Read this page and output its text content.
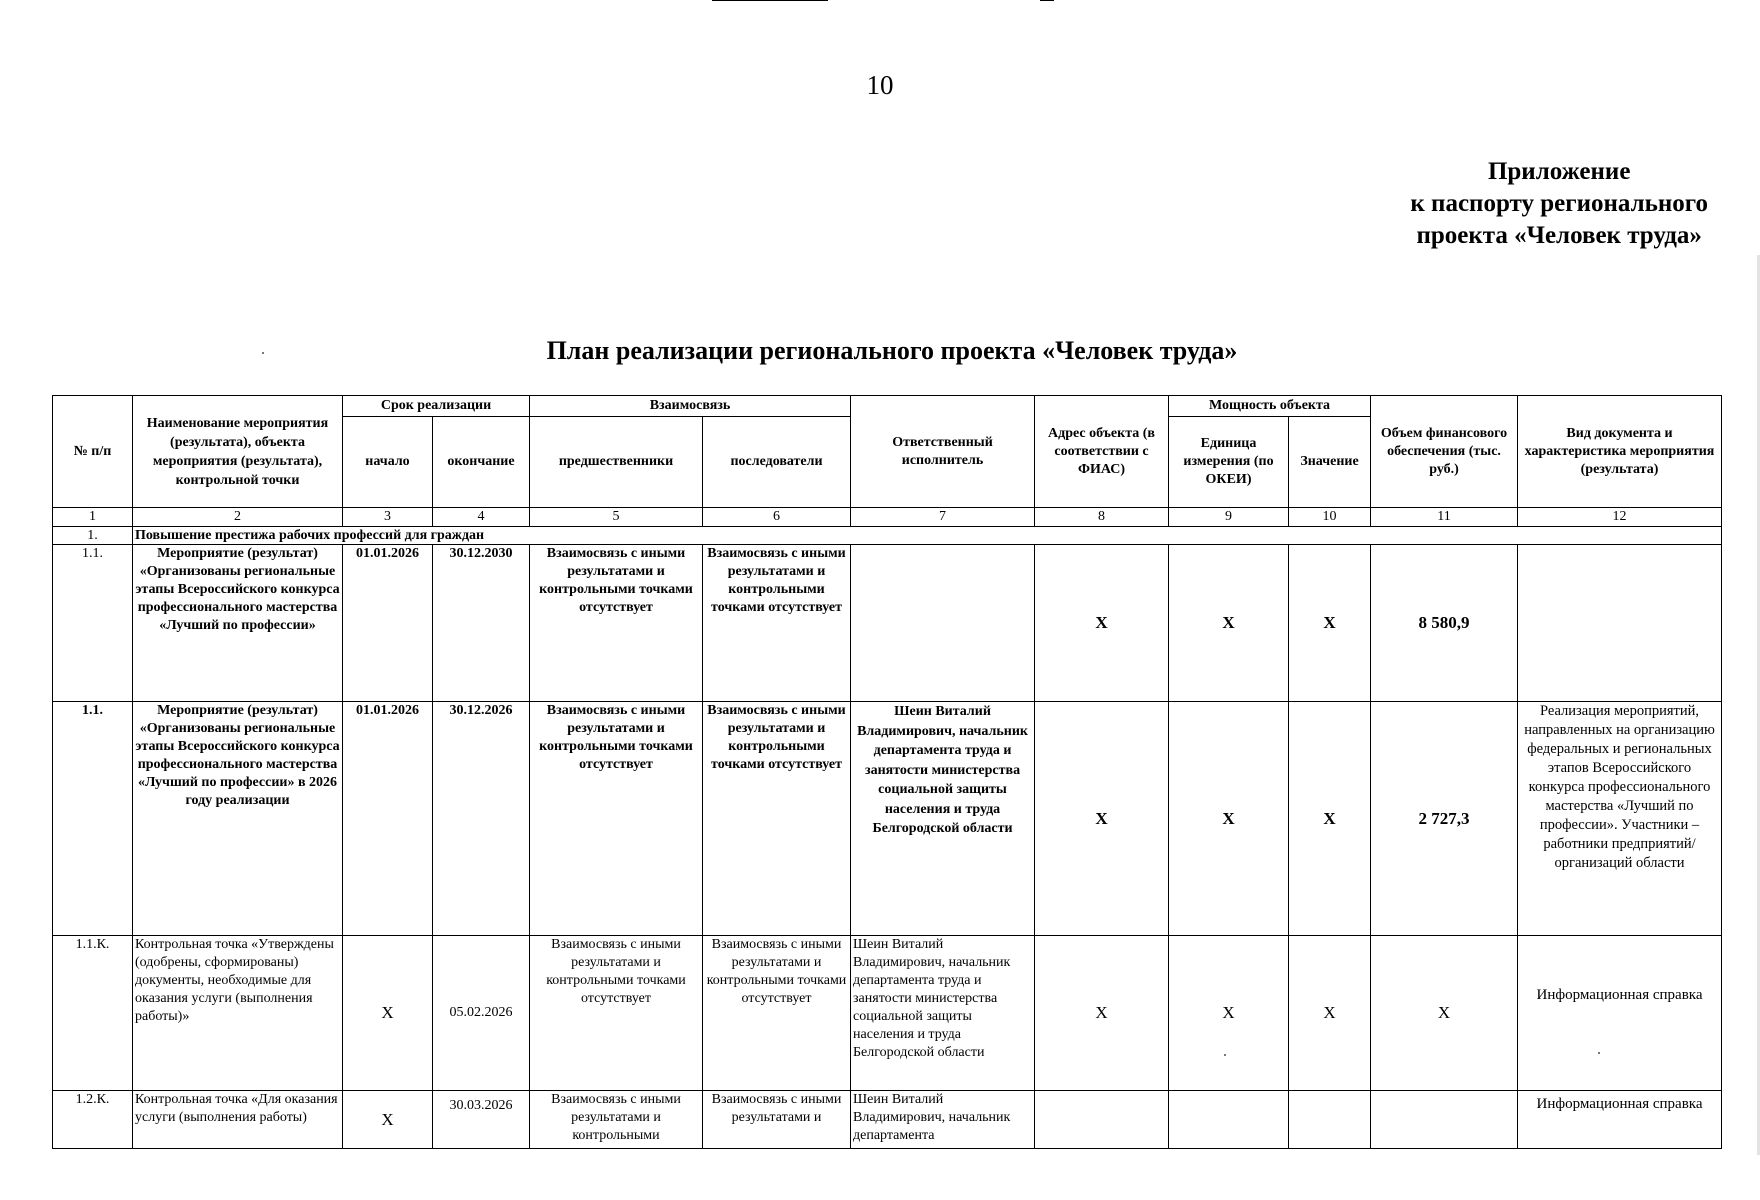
10
Приложение
к паспорту регионального
проекта «Человек труда»
План реализации регионального проекта «Человек труда»
№ п/п	Наименование мероприятия (результата), объекта мероприятия (результата), контрольной точки	Срок реализации		Взаимосвязь		Ответственный исполнитель	Адрес объекта (в соответствии с ФИАС)	Мощность объекта		Объем финансового обеспечения (тыс. руб.)	Вид документа и характеристика мероприятия (результата)
		начало	окончание	предшественники	последователи			Единица измерения (по ОКЕИ)	Значение		
1	2	3	4	5	6	7	8	9	10	11	12
1.	Повышение престижа рабочих профессий для граждан										
1.1.	Мероприятие (результат) «Организованы региональные этапы Всероссийского конкурса профессионального мастерства «Лучший по профессии»	01.01.2026	30.12.2030	Взаимосвязь с иными результатами и контрольными точками отсутствует	Взаимосвязь с иными результатами и контрольными точками отсутствует		X	X	X	8 580,9	
1.1.	Мероприятие (результат) «Организованы региональные этапы Всероссийского конкурса профессионального мастерства «Лучший по профессии» в 2026 году реализации	01.01.2026	30.12.2026	Взаимосвязь с иными результатами и контрольными точками отсутствует	Взаимосвязь с иными результатами и контрольными точками отсутствует	Шеин Виталий Владимирович, начальник департамента труда и занятости министерства социальной защиты населения и труда Белгородской области	X	X	X	2 727,3	Реализация мероприятий, направленных на организацию федеральных и региональных этапов Всероссийского конкурса профессионального мастерства «Лучший по профессии». Участники – работники предприятий/организаций области
1.1.К.	Контрольная точка «Утверждены (одобрены, сформированы) документы, необходимые для оказания услуги (выполнения работы)»	X	05.02.2026	Взаимосвязь с иными результатами и контрольными точками отсутствует	Взаимосвязь с иными результатами и контрольными точками отсутствует	Шеин Виталий Владимирович, начальник департамента труда и занятости министерства социальной защиты населения и труда Белгородской области	X	X	X	X	Информационная справка
1.2.К.	Контрольная точка «Для оказания услуги (выполнения работы)	X	30.03.2026	Взаимосвязь с иными результатами и контрольными	Взаимосвязь с иными результатами и	Шеин Виталий Владимирович, начальник департамента					Информационная справка
